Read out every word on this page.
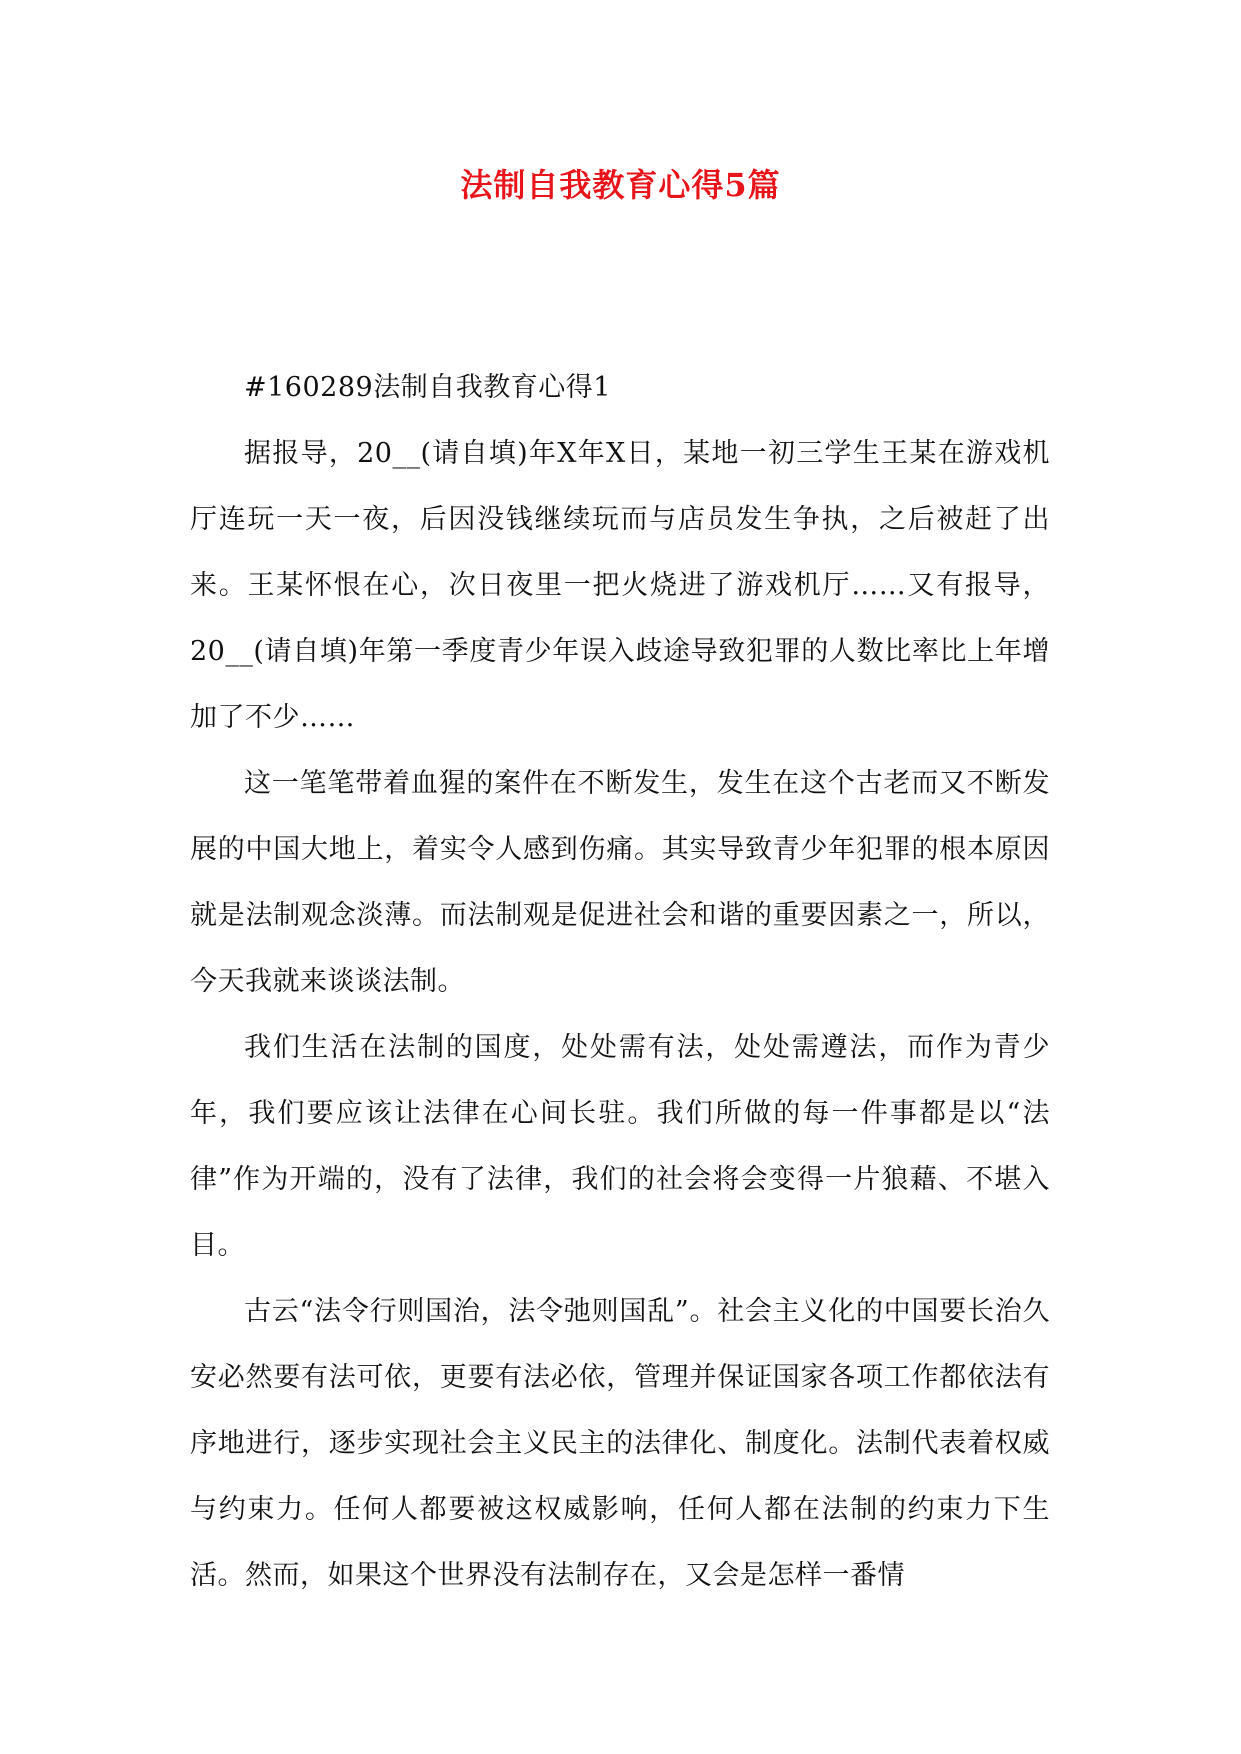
法制自我教育心得5篇

#160289法制自我教育心得1

据报导，20__(请自填)年X年X日，某地一初三学生王某在游戏机厅连玩一天一夜，后因没钱继续玩而与店员发生争执，之后被赶了出来。王某怀恨在心，次日夜里一把火烧进了游戏机厅……又有报导，20__(请自填)年第一季度青少年误入歧途导致犯罪的人数比率比上年增加了不少……

这一笔笔带着血猩的案件在不断发生，发生在这个古老而又不断发展的中国大地上，着实令人感到伤痛。其实导致青少年犯罪的根本原因就是法制观念淡薄。而法制观是促进社会和谐的重要因素之一，所以，今天我就来谈谈法制。

我们生活在法制的国度，处处需有法，处处需遵法，而作为青少年，我们要应该让法律在心间长驻。我们所做的每一件事都是以“法律”作为开端的，没有了法律，我们的社会将会变得一片狼藉、不堪入目。

古云“法令行则国治，法令弛则国乱”。社会主义化的中国要长治久安必然要有法可依，更要有法必依，管理并保证国家各项工作都依法有序地进行，逐步实现社会主义民主的法律化、制度化。法制代表着权威与约束力。任何人都要被这权威影响，任何人都在法制的约束力下生活。然而，如果这个世界没有法制存在，又会是怎样一番情
